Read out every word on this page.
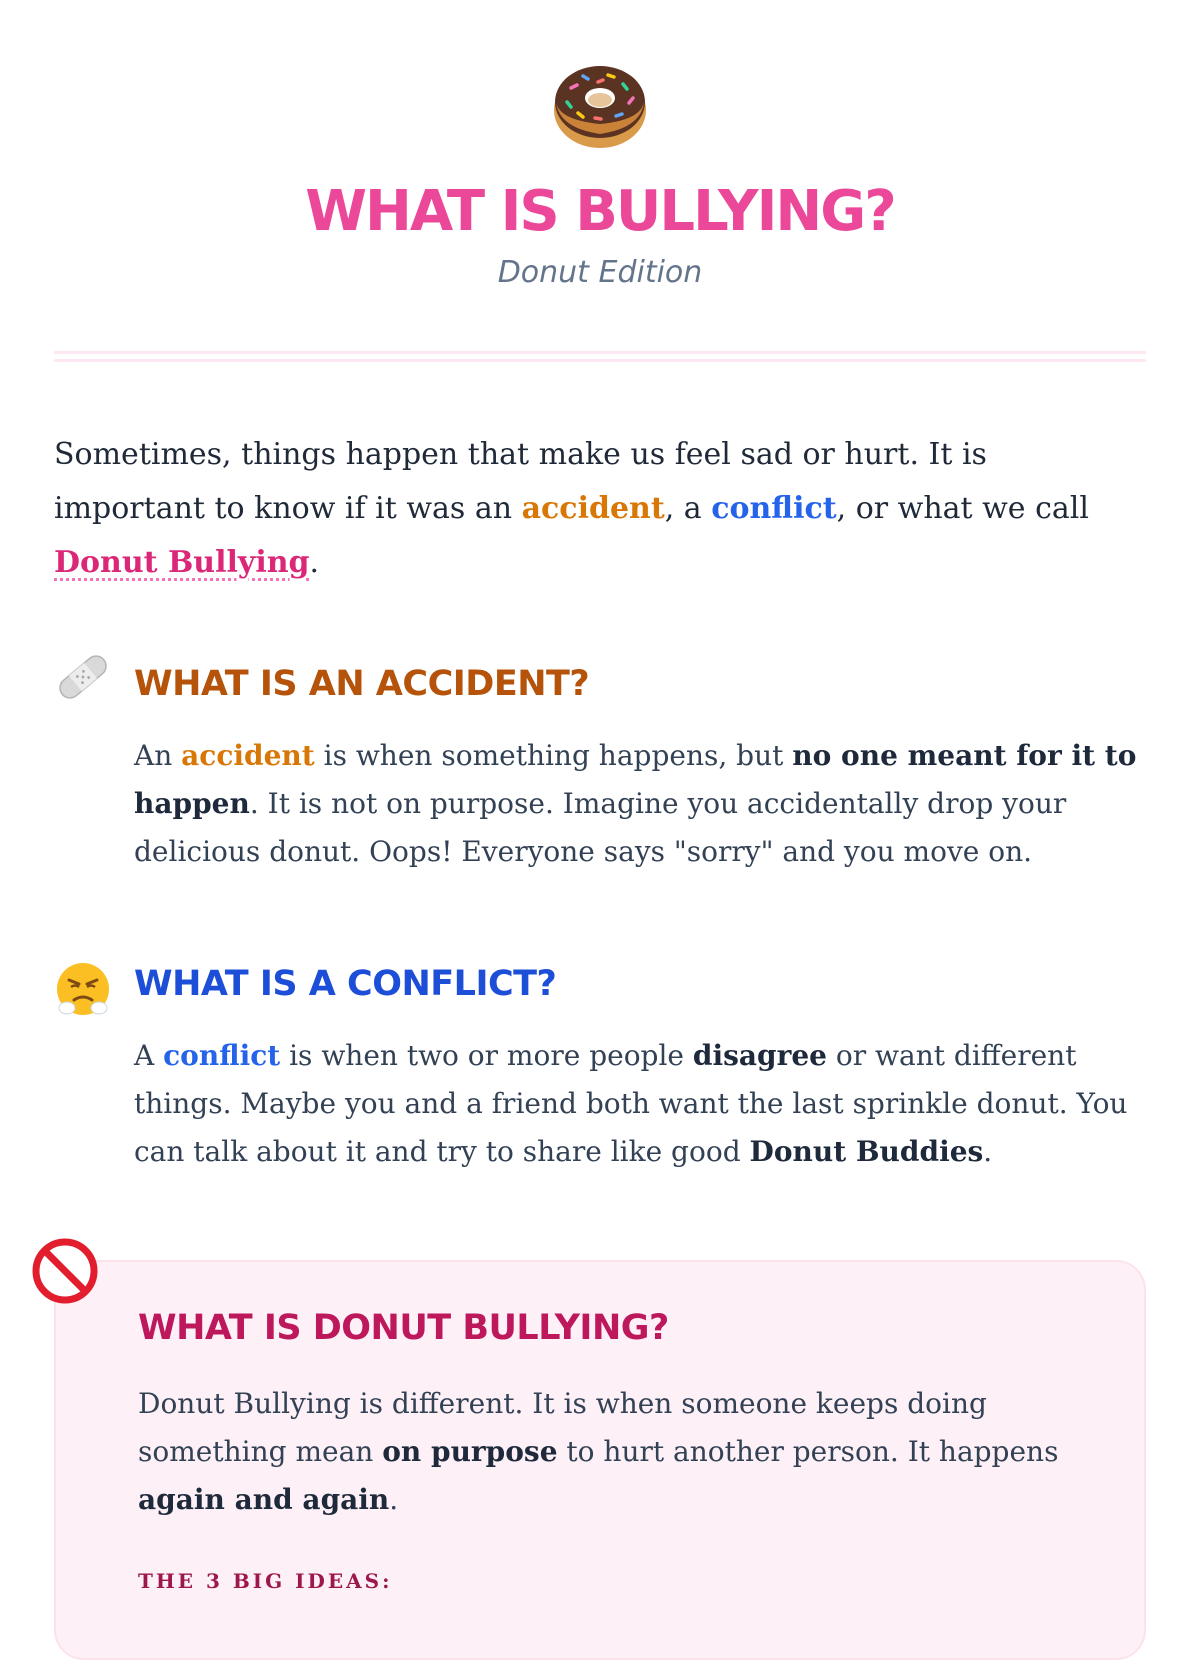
WHAT IS BULLYING?
Donut Edition

Sometimes, things happen that make us feel sad or hurt. It is important to know if it was an accident, a conflict, or what we call Donut Bullying.

WHAT IS AN ACCIDENT?

An accident is when something happens, but no one meant for it to happen. It is not on purpose. Imagine you accidentally drop your delicious donut. Oops! Everyone says "sorry" and you move on.

WHAT IS A CONFLICT?

A conflict is when two or more people disagree or want different things. Maybe you and a friend both want the last sprinkle donut. You can talk about it and try to share like good Donut Buddies.

WHAT IS DONUT BULLYING?

Donut Bullying is different. It is when someone keeps doing something mean on purpose to hurt another person. It happens again and again.

THE 3 BIG IDEAS:
